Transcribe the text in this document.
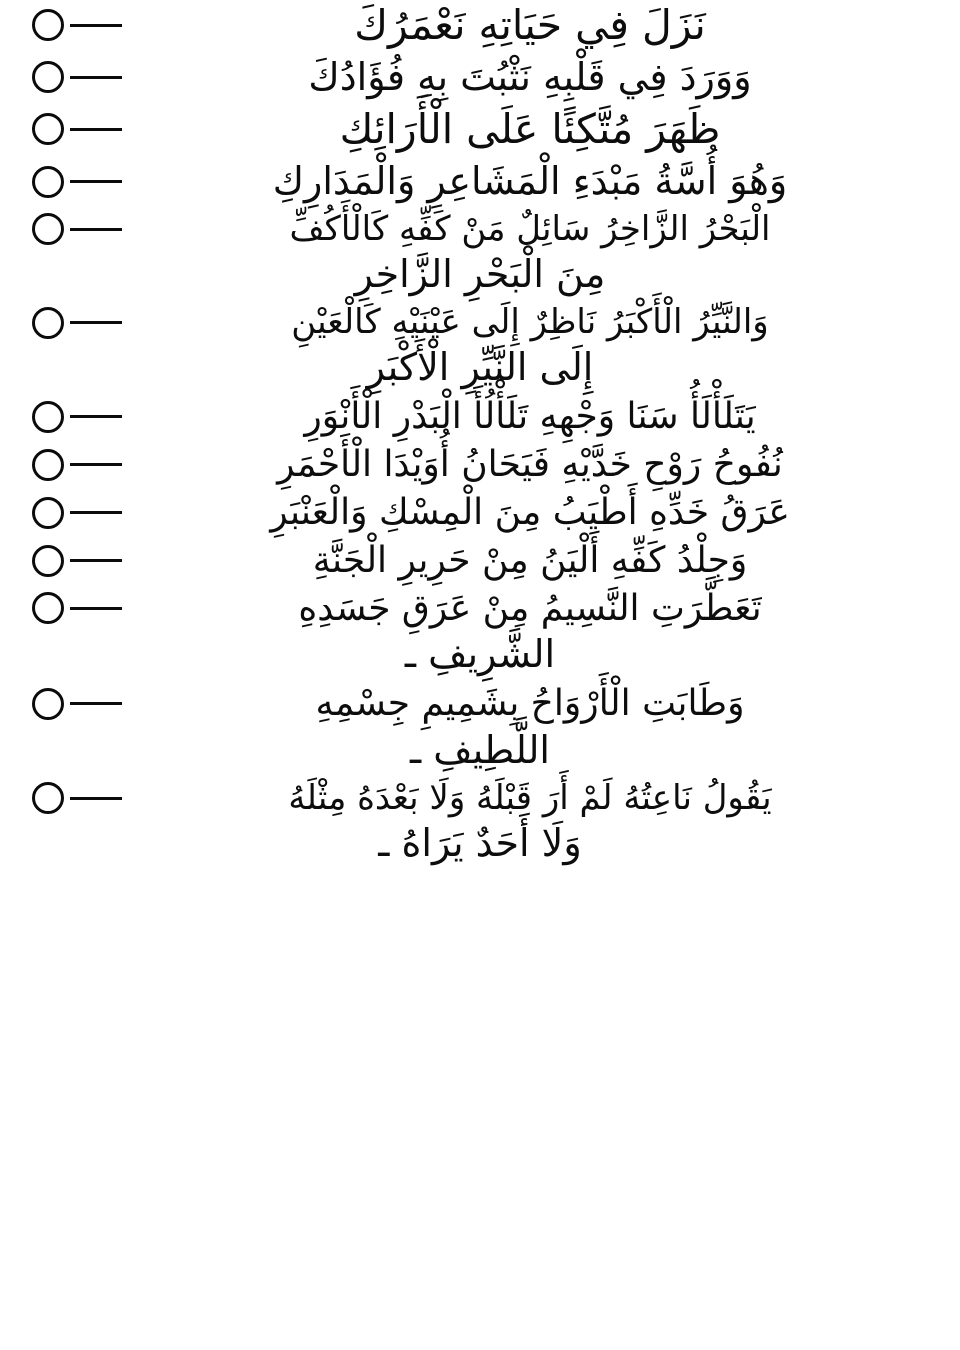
نَزَلَ فِي حَيَاتِهِ نَعْمَرُكَ
وَوَرَدَ فِي قَلْبِهِ نَثْبُتَ بِهِ فُؤَادُكَ
ظَهَرَ مُتَّكِئًا عَلَى الْأَرَائِكِ
وَهُوَ أُسَّةُ مَبْدَءِ الْمَشَاعِرِ وَالْمَدَارِكِ
الْبَحْرُ الزَّاخِرُ سَائِلٌ مَنْ كَفِّهِ كَالْأَكُفِّ
مِنَ الْبَحْرِ الزَّاخِرِ
وَالنَّيِّرُ الْأَكْبَرُ نَاظِرٌ إِلَى عَيْنَيْهِ كَالْعَيْنِ
إِلَى النَّيِّرِ الْأَكْبَرِ
يَتَلَأْلَأُ سَنَا وَجْهِهِ تَلَأْلُأَ الْبَدْرِ الْأَنْوَرِ
نُفُوحُ رَوْحِ خَدَّيْهِ فَيَحَانُ أُوَيْدَا الْأَحْمَرِ
عَرَقُ خَدِّهِ أَطْيَبُ مِنَ الْمِسْكِ وَالْعَنْبَرِ
وَجِلْدُ كَفِّهِ أَلْيَنُ مِنْ حَرِيرِ الْجَنَّةِ
تَعَطَّرَتِ النَّسِيمُ مِنْ عَرَقِ جَسَدِهِ
الشَّرِيفِ ـ
وَطَابَتِ الْأَرْوَاحُ بِشَمِيمِ جِسْمِهِ
اللَّطِيفِ ـ
يَقُولُ نَاعِتُهُ لَمْ أَرَ قَبْلَهُ وَلَا بَعْدَهُ مِثْلَهُ
وَلَا أَحَدٌ يَرَاهُ ـ
